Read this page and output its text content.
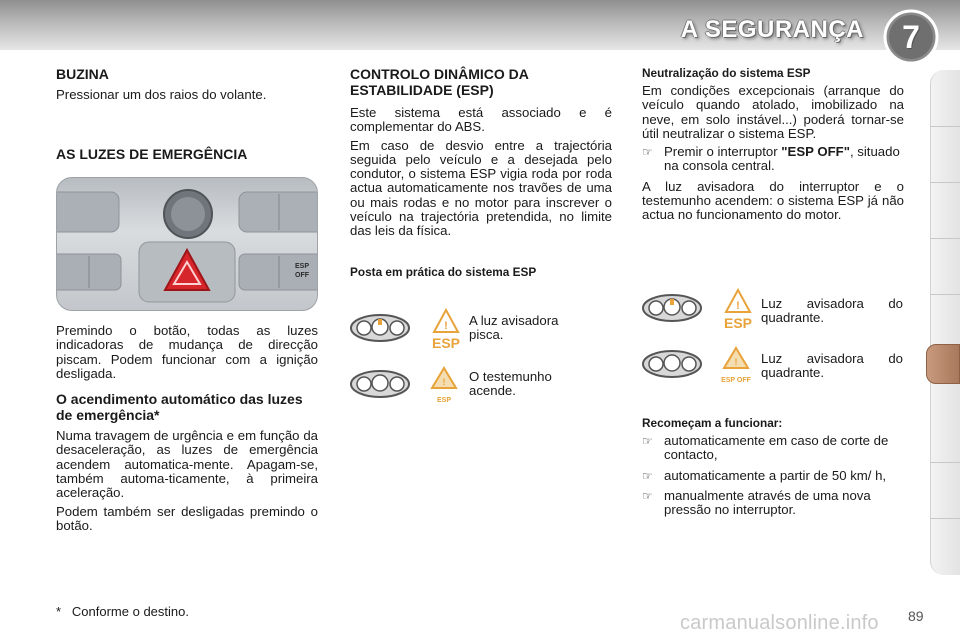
A SEGURANÇA	7
BUZINA

Pressionar um dos raios do volante.

AS LUZES DE EMERGÊNCIA
ESP
OFF

Premindo o botão, todas as luzes indicadoras de mudança de direcção piscam. Podem funcionar com a ignição desligada.

O acendimento automático das luzes de emergência*

Numa travagem de urgência e em função da desaceleração, as luzes de emergência acendem automatica-mente. Apagam-se, também automa-ticamente, à primeira aceleração.

Podem também ser desligadas premindo o botão.

CONTROLO DINÂMICO DA
ESTABILIDADE (ESP)

Este sistema está associado e é complementar do ABS.

Em caso de desvio entre a trajectória seguida pelo veículo e a desejada pelo condutor, o sistema ESP vigia roda por roda actua automaticamente nos travões de uma ou mais rodas e no motor para inscrever o veículo na trajectória pretendida, no limite das leis da física.

Posta em prática do sistema ESP
!
ESP
A luz avisadora pisca.
!
ESP
O testemunho acende.
Neutralização do sistema ESP

Em condições excepcionais (arranque do veículo quando atolado, imobilizado na neve, em solo instável...) poderá tornar-se útil neutralizar o sistema ESP.

☞ Premir o interruptor "ESP OFF", situado na consola central.

A luz avisadora do interruptor e o testemunho acendem: o sistema ESP já não actua no funcionamento do motor.

!
ESP
Luz avisadora do quadrante.
!
ESP OFF
Luz avisadora do quadrante.
Recomeçam a funcionar:
☞ automaticamente em caso de corte de contacto,
☞ automaticamente a partir de 50 km/ h,
☞ manualmente através de uma nova pressão no interruptor.
* Conforme o destino.
carmanualsonline.info 89
